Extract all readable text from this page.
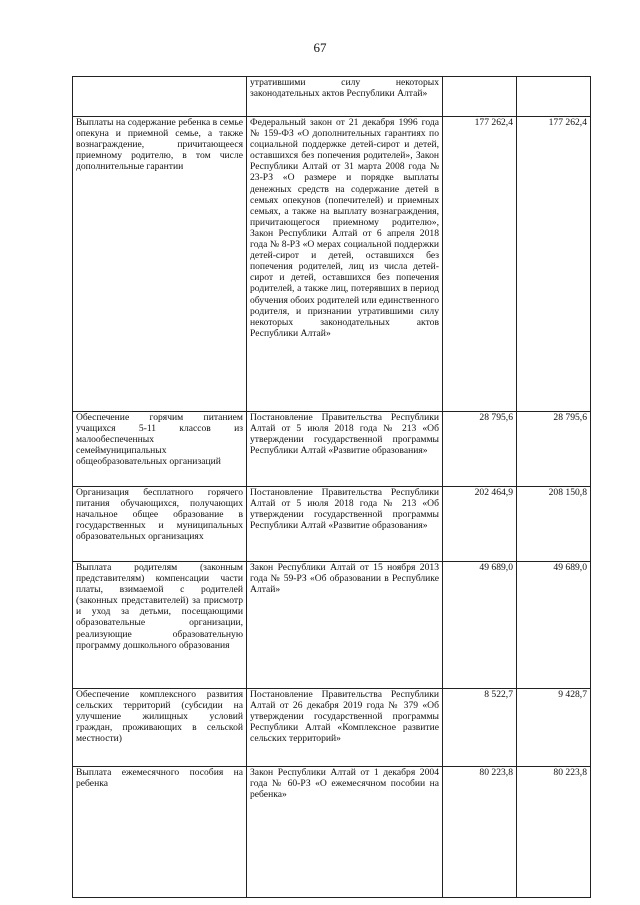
67
	утратившими силу некоторых законодательных актов Республики Алтай»		
Выплаты на содержание ребенка в семье опекуна и приемной семье, а также вознаграждение, причитающееся приемному родителю, в том числе дополнительные гарантии	Федеральный закон от 21 декабря 1996 года № 159-ФЗ «О дополнительных гарантиях по социальной поддержке детей-сирот и детей, оставшихся без попечения родителей», Закон Республики Алтай от 31 марта 2008 года № 23-РЗ «О размере и порядке выплаты денежных средств на содержание детей в семьях опекунов (попечителей) и приемных семьях, а также на выплату вознаграждения, причитающегося приемному родителю», Закон Республики Алтай от 6 апреля 2018 года № 8-РЗ «О мерах социальной поддержки детей-сирот и детей, оставшихся без попечения родителей, лиц из числа детей-сирот и детей, оставшихся без попечения родителей, а также лиц, потерявших в период обучения обоих родителей или единственного родителя, и признании утратившими силу некоторых законодательных актов Республики Алтай»	177 262,4	177 262,4
Обеспечение горячим питанием учащихся 5-11 классов из малообеспеченных семеймуниципальных общеобразовательных организаций	Постановление Правительства Республики Алтай от 5 июля 2018 года № 213 «Об утверждении государственной программы Республики Алтай «Развитие образования»	28 795,6	28 795,6
Организация бесплатного горячего питания обучающихся, получающих начальное общее образование в государственных и муниципальных образовательных организациях	Постановление Правительства Республики Алтай от 5 июля 2018 года № 213 «Об утверждении государственной программы Республики Алтай «Развитие образования»	202 464,9	208 150,8
Выплата родителям (законным представителям) компенсации части платы, взимаемой с родителей (законных представителей) за присмотр и уход за детьми, посещающими образовательные организации, реализующие образовательную программу дошкольного образования	Закон Республики Алтай от 15 ноября 2013 года № 59-РЗ «Об образовании в Республике Алтай»	49 689,0	49 689,0
Обеспечение комплексного развития сельских территорий (субсидии на улучшение жилищных условий граждан, проживающих в сельской местности)	Постановление Правительства Республики Алтай от 26 декабря 2019 года № 379 «Об утверждении государственной программы Республики Алтай «Комплексное развитие сельских территорий»	8 522,7	9 428,7
Выплата ежемесячного пособия на ребенка	Закон Республики Алтай от 1 декабря 2004 года № 60-РЗ «О ежемесячном пособии на ребенка»	80 223,8	80 223,8
